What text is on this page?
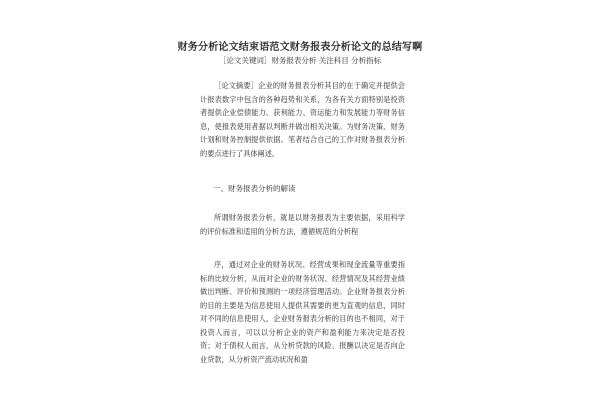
财务分析论文结束语范文财务报表分析论文的总结写啊
［论文关键词］财务报表分析 关注科目 分析指标

［论文摘要］企业的财务报表分析其目的在于确定并提供会计报表数字中包含的各种趋势和关系，为各有关方面特别是投资者提供企业偿债能力、获利能力、资运能力和发展能力等财务信息，使报表使用者据以判断并做出相关决策。为财务决策、财务计划和财务控制提供依据。笔者结合自己的工作对财务报表分析的要点进行了具体阐述。

一、财务报表分析的解读

所谓财务报表分析，就是以财务报表为主要依据，采用科学的评价标准和适用的分析方法，遵循规范的分析程

序，通过对企业的财务状况、经营成果和现金流量等重要指标的比较分析，从而对企业的财务状况、经营情况及其经营业绩做出判断、评价和预测的一项经济管理活动。企业财务报表分析的目的主要是为信息使用人提供其需要的更为直观的信息，同时对不同的信息使用人，企业财务报表分析的目的也不相同，对于投资人而言，可以以分析企业的资产和盈利能力来决定是否投资；对于债权人而言，从分析贷款的风险、报酬以决定是否向企业贷款，从分析资产流动状况和盈
